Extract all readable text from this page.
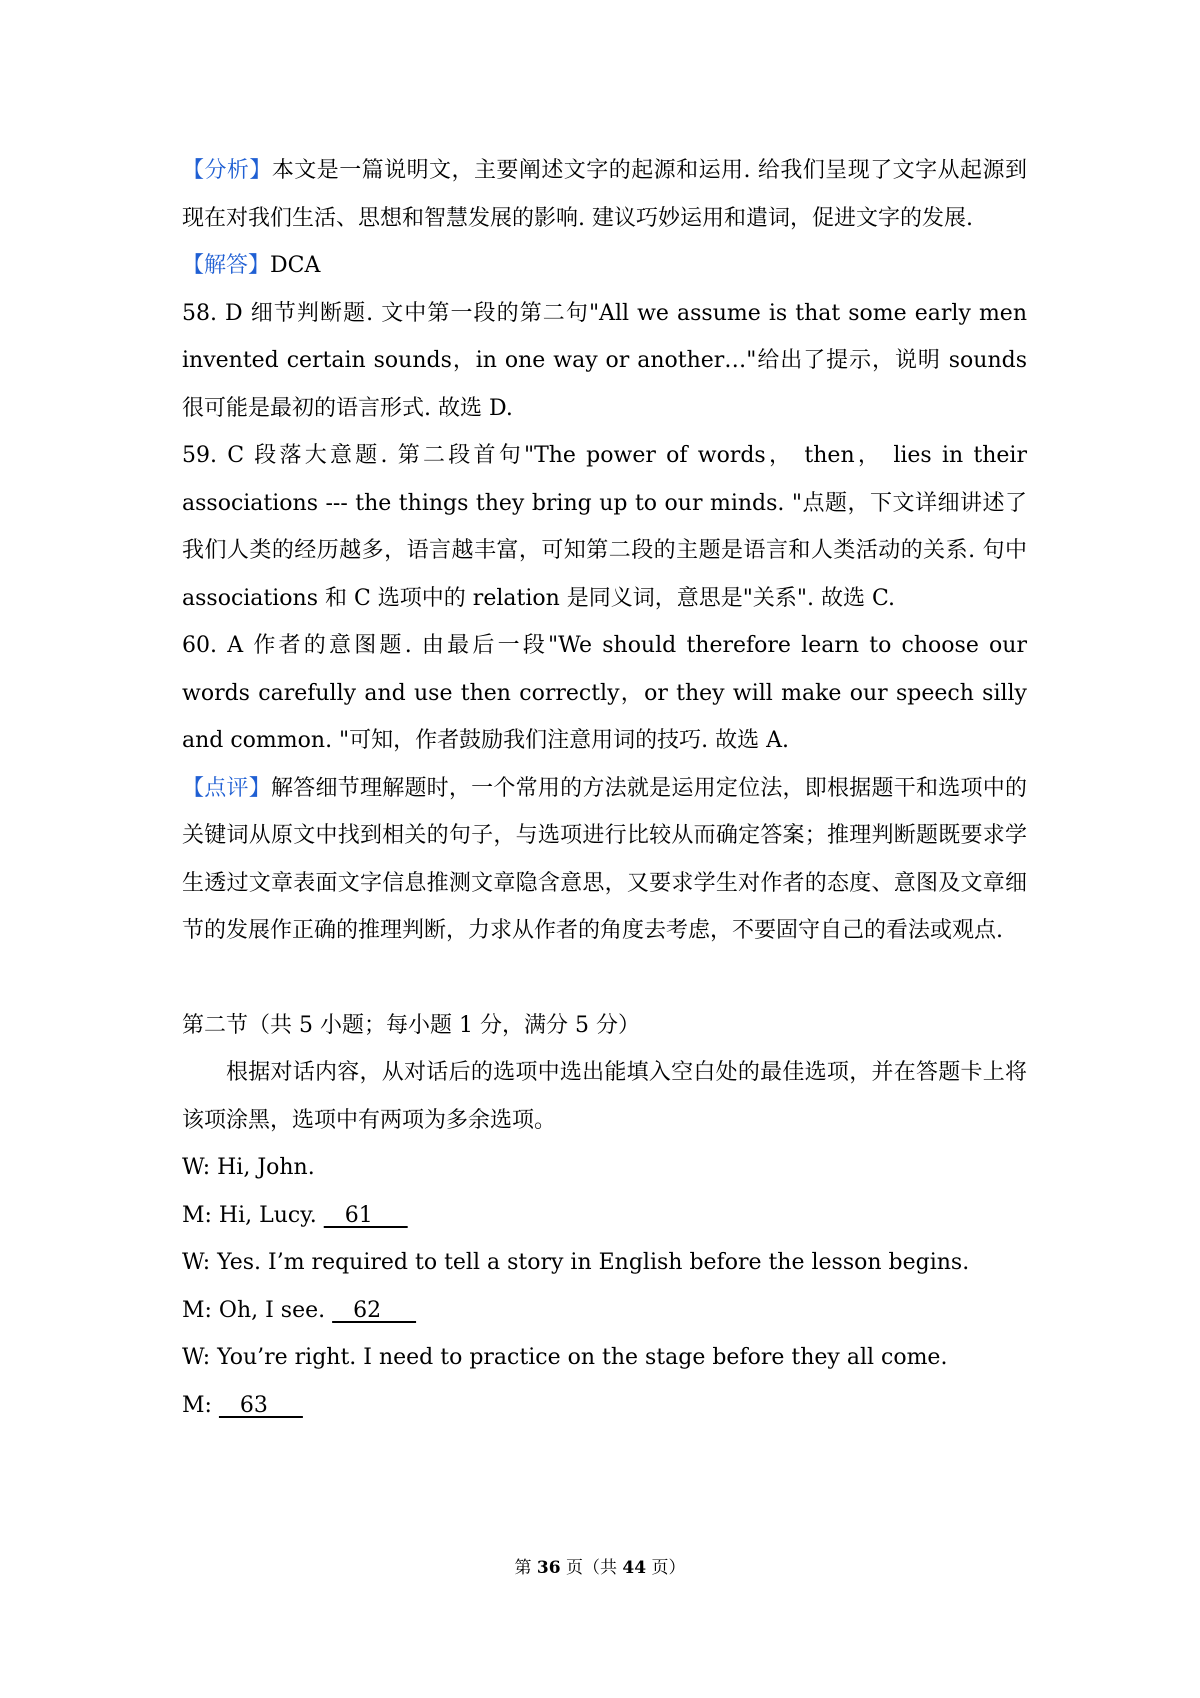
【分析】本文是一篇说明文，主要阐述文字的起源和运用. 给我们呈现了文字从起源到现在对我们生活、思想和智慧发展的影响. 建议巧妙运用和遣词，促进文字的发展.

【解答】DCA

58. D 细节判断题. 文中第一段的第二句"All we assume is that some early men invented certain sounds，in one way or another…"给出了提示，说明 sounds 很可能是最初的语言形式. 故选 D.

59. C 段落大意题. 第二段首句"The power of words， then， lies in their associations --- the things they bring up to our minds. "点题，下文详细讲述了我们人类的经历越多，语言越丰富，可知第二段的主题是语言和人类活动的关系. 句中 associations 和 C 选项中的 relation 是同义词，意思是"关系". 故选 C.

60. A 作者的意图题. 由最后一段"We should therefore learn to choose our words carefully and use then correctly，or they will make our speech silly and common. "可知，作者鼓励我们注意用词的技巧. 故选 A.

【点评】解答细节理解题时，一个常用的方法就是运用定位法，即根据题干和选项中的关键词从原文中找到相关的句子，与选项进行比较从而确定答案；推理判断题既要求学生透过文章表面文字信息推测文章隐含意思，又要求学生对作者的态度、意图及文章细节的发展作正确的推理判断，力求从作者的角度去考虑，不要固守自己的看法或观点.

第二节（共 5 小题；每小题 1 分，满分 5 分）

根据对话内容，从对话后的选项中选出能填入空白处的最佳选项，并在答题卡上将该项涂黑，选项中有两项为多余选项。

W: Hi, John.

M: Hi, Lucy.    61

W: Yes. I’m required to tell a story in English before the lesson begins.

M: Oh, I see.    62

W: You’re right. I need to practice on the stage before they all come.

M:    63

第 36 页（共 44 页）
